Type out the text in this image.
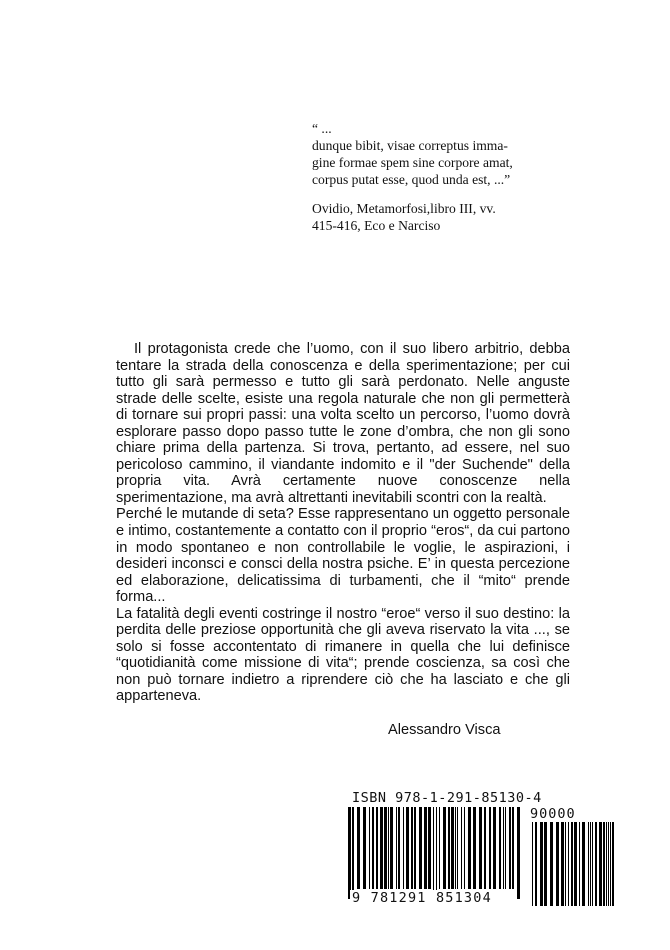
“ ...

dunque bibit, visae correptus imma-

gine formae spem sine corpore amat,

corpus putat esse, quod unda est, ...”

Ovidio, Metamorfosi,libro III, vv.

415-416, Eco e Narciso

Il protagonista crede che l’uomo, con il suo libero arbitrio, debba tentare la strada della conoscenza e della sperimentazione; per cui tutto gli sarà permesso e tutto gli sarà perdonato. Nelle anguste strade delle scelte, esiste una regola naturale che non gli permetterà di tornare sui propri passi: una volta scelto un percorso, l’uomo dovrà esplorare passo dopo passo tutte le zone d’ombra, che non gli sono chiare prima della partenza. Si trova, pertanto, ad essere, nel suo pericoloso cammino, il viandante indomito e il "der Suchende" della propria vita. Avrà certamente nuove conoscenze nella sperimentazione, ma avrà altrettanti inevitabili scontri con la realtà.

Perché le mutande di seta? Esse rappresentano un oggetto personale e intimo, costantemente a contatto con il proprio “eros“, da cui partono in modo spontaneo e non controllabile le voglie, le aspirazioni, i desideri inconsci e consci della nostra psiche. E’ in questa percezione ed elaborazione, delicatissima di turbamenti, che il “mito“ prende forma...

La fatalità degli eventi costringe il nostro “eroe“ verso il suo destino: la perdita delle preziose opportunità che gli aveva riservato la vita ..., se solo si fosse accontentato di rimanere in quella che lui definisce “quotidianità come missione di vita“; prende coscienza, sa così che non può tornare indietro a riprendere ciò che ha lasciato e che gli apparteneva.

Alessandro Visca
ISBN 978-1-291-85130-4
90000
9 781291 851304
